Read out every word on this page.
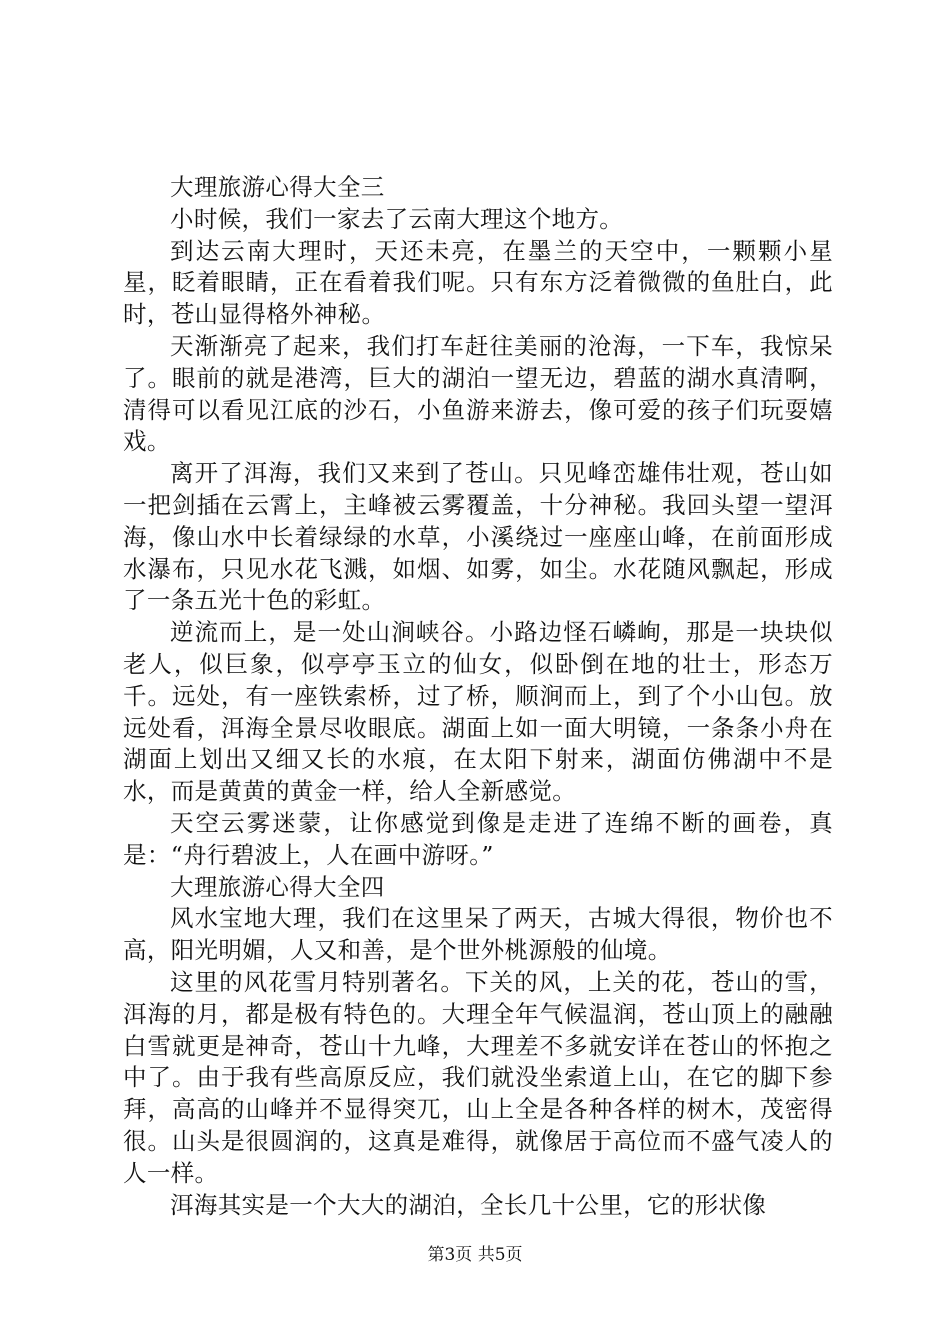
大理旅游心得大全三

小时候，我们一家去了云南大理这个地方。

到达云南大理时，天还未亮，在墨兰的天空中，一颗颗小星星，眨着眼睛，正在看着我们呢。只有东方泛着微微的鱼肚白，此时，苍山显得格外神秘。

天渐渐亮了起来，我们打车赶往美丽的沧海，一下车，我惊呆了。眼前的就是港湾，巨大的湖泊一望无边，碧蓝的湖水真清啊，清得可以看见江底的沙石，小鱼游来游去，像可爱的孩子们玩耍嬉戏。

离开了洱海，我们又来到了苍山。只见峰峦雄伟壮观，苍山如一把剑插在云霄上，主峰被云雾覆盖，十分神秘。我回头望一望洱海，像山水中长着绿绿的水草，小溪绕过一座座山峰，在前面形成水瀑布，只见水花飞溅，如烟、如雾，如尘。水花随风飘起，形成了一条五光十色的彩虹。

逆流而上，是一处山涧峡谷。小路边怪石嶙峋，那是一块块似老人，似巨象，似亭亭玉立的仙女，似卧倒在地的壮士，形态万千。远处，有一座铁索桥，过了桥，顺涧而上，到了个小山包。放远处看，洱海全景尽收眼底。湖面上如一面大明镜，一条条小舟在湖面上划出又细又长的水痕，在太阳下射来，湖面仿佛湖中不是水，而是黄黄的黄金一样，给人全新感觉。

天空云雾迷蒙，让你感觉到像是走进了连绵不断的画卷，真是：“舟行碧波上，人在画中游呀。”

大理旅游心得大全四

风水宝地大理，我们在这里呆了两天，古城大得很，物价也不高，阳光明媚，人又和善，是个世外桃源般的仙境。

这里的风花雪月特别著名。下关的风，上关的花，苍山的雪，洱海的月，都是极有特色的。大理全年气候温润，苍山顶上的融融白雪就更是神奇，苍山十九峰，大理差不多就安详在苍山的怀抱之中了。由于我有些高原反应，我们就没坐索道上山，在它的脚下参拜，高高的山峰并不显得突兀，山上全是各种各样的树木，茂密得很。山头是很圆润的，这真是难得，就像居于高位而不盛气凌人的人一样。

洱海其实是一个大大的湖泊，全长几十公里，它的形状像

第3页 共5页
